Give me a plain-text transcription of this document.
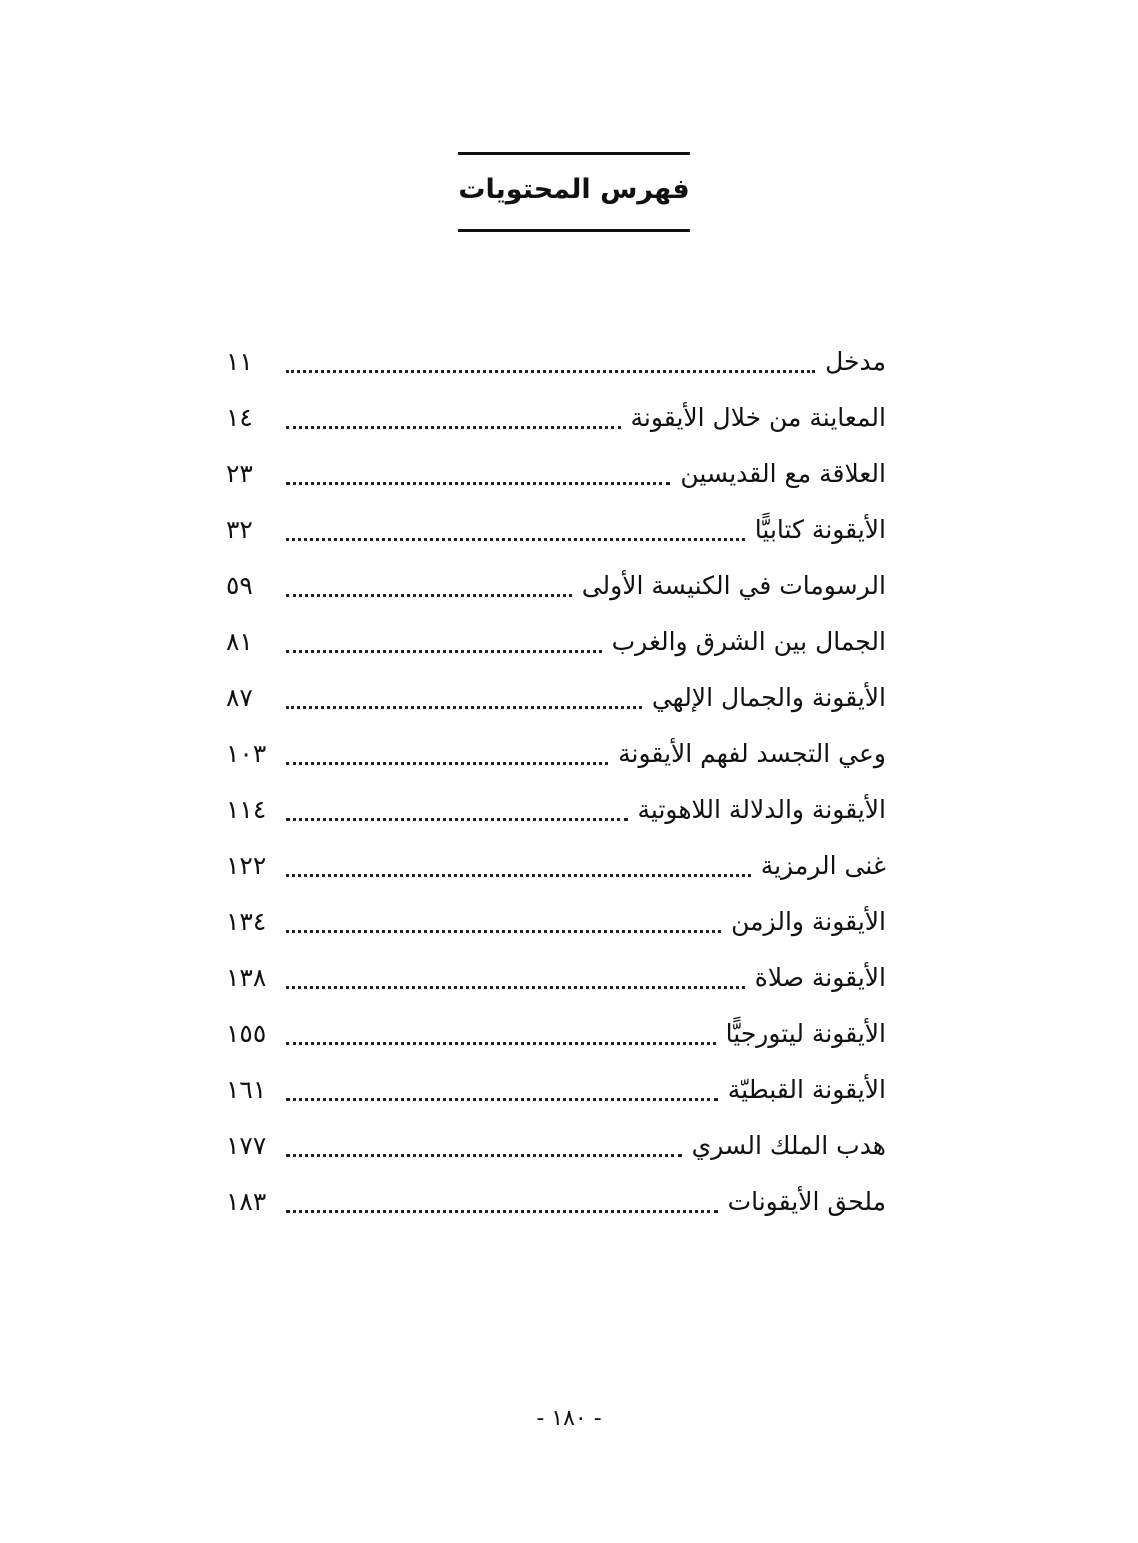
فهرس المحتويات
مدخل
١١
المعاينة من خلال الأيقونة
١٤
العلاقة مع القديسين
٢٣
الأيقونة كتابيًّا
٣٢
الرسومات في الكنيسة الأولى
٥٩
الجمال بين الشرق والغرب
٨١
الأيقونة والجمال الإلهي
٨٧
وعي التجسد لفهم الأيقونة
١٠٣
الأيقونة والدلالة اللاهوتية
١١٤
غنى الرمزية
١٢٢
الأيقونة والزمن
١٣٤
الأيقونة صلاة
١٣٨
الأيقونة ليتورجيًّا
١٥٥
الأيقونة القبطيّة
١٦١
هدب الملك السري
١٧٧
ملحق الأيقونات
١٨٣
- ١٨٠ -
